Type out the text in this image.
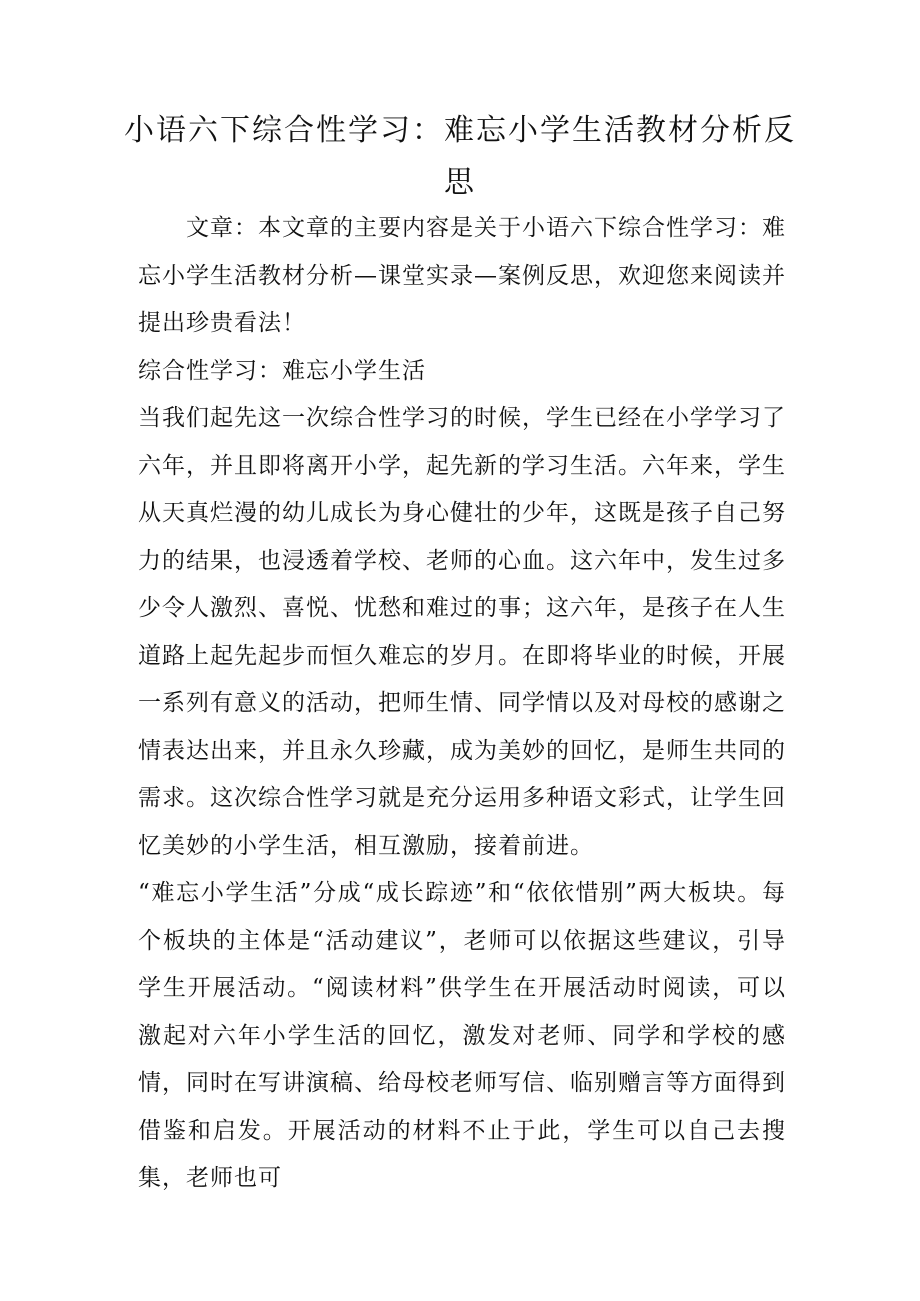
小语六下综合性学习：难忘小学生活教材分析反思

文章：本文章的主要内容是关于小语六下综合性学习：难忘小学生活教材分析—课堂实录—案例反思，欢迎您来阅读并提出珍贵看法！

综合性学习：难忘小学生活

当我们起先这一次综合性学习的时候，学生已经在小学学习了六年，并且即将离开小学，起先新的学习生活。六年来，学生从天真烂漫的幼儿成长为身心健壮的少年，这既是孩子自己努力的结果，也浸透着学校、老师的心血。这六年中，发生过多少令人激烈、喜悦、忧愁和难过的事；这六年，是孩子在人生道路上起先起步而恒久难忘的岁月。在即将毕业的时候，开展一系列有意义的活动，把师生情、同学情以及对母校的感谢之情表达出来，并且永久珍藏，成为美妙的回忆，是师生共同的需求。这次综合性学习就是充分运用多种语文彩式，让学生回忆美妙的小学生活，相互激励，接着前进。

“难忘小学生活”分成“成长踪迹”和“依依惜别”两大板块。每个板块的主体是“活动建议”，老师可以依据这些建议，引导学生开展活动。“阅读材料”供学生在开展活动时阅读，可以激起对六年小学生活的回忆，激发对老师、同学和学校的感情，同时在写讲演稿、给母校老师写信、临别赠言等方面得到借鉴和启发。开展活动的材料不止于此，学生可以自己去搜集，老师也可
